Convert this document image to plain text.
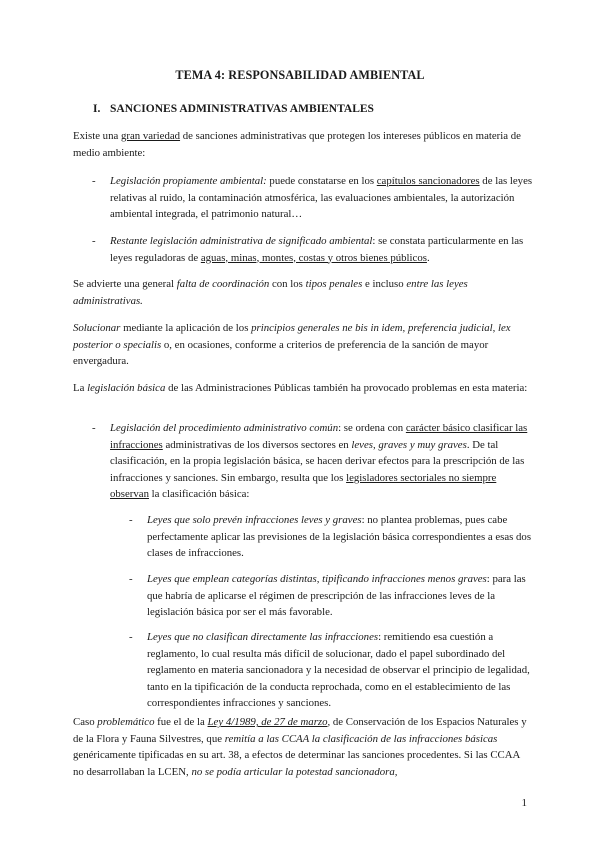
TEMA 4: RESPONSABILIDAD AMBIENTAL
I. SANCIONES ADMINISTRATIVAS AMBIENTALES
Existe una gran variedad de sanciones administrativas que protegen los intereses públicos en materia de medio ambiente:
- Legislación propiamente ambiental: puede constatarse en los capítulos sancionadores de las leyes relativas al ruido, la contaminación atmosférica, las evaluaciones ambientales, la autorización ambiental integrada, el patrimonio natural…
- Restante legislación administrativa de significado ambiental: se constata particularmente en las leyes reguladoras de aguas, minas, montes, costas y otros bienes públicos.
Se advierte una general falta de coordinación con los tipos penales e incluso entre las leyes administrativas.
Solucionar mediante la aplicación de los principios generales ne bis in idem, preferencia judicial, lex posterior o specialis o, en ocasiones, conforme a criterios de preferencia de la sanción de mayor envergadura.
La legislación básica de las Administraciones Públicas también ha provocado problemas en esta materia:
- Legislación del procedimiento administrativo común: se ordena con carácter básico clasificar las infracciones administrativas de los diversos sectores en leves, graves y muy graves. De tal clasificación, en la propia legislación básica, se hacen derivar efectos para la prescripción de las infracciones y sanciones. Sin embargo, resulta que los legisladores sectoriales no siempre observan la clasificación básica:
- Leyes que solo prevén infracciones leves y graves: no plantea problemas, pues cabe perfectamente aplicar las previsiones de la legislación básica correspondientes a esas dos clases de infracciones.
- Leyes que emplean categorías distintas, tipificando infracciones menos graves: para las que habría de aplicarse el régimen de prescripción de las infracciones leves de la legislación básica por ser el más favorable.
- Leyes que no clasifican directamente las infracciones: remitiendo esa cuestión a reglamento, lo cual resulta más difícil de solucionar, dado el papel subordinado del reglamento en materia sancionadora y la necesidad de observar el principio de legalidad, tanto en la tipificación de la conducta reprochada, como en el establecimiento de las correspondientes infracciones y sanciones.
Caso problemático fue el de la Ley 4/1989, de 27 de marzo, de Conservación de los Espacios Naturales y de la Flora y Fauna Silvestres, que remitía a las CCAA la clasificación de las infracciones básicas genéricamente tipificadas en su art. 38, a efectos de determinar las sanciones procedentes. Si las CCAA no desarrollaban la LCEN, no se podía articular la potestad sancionadora,
1
